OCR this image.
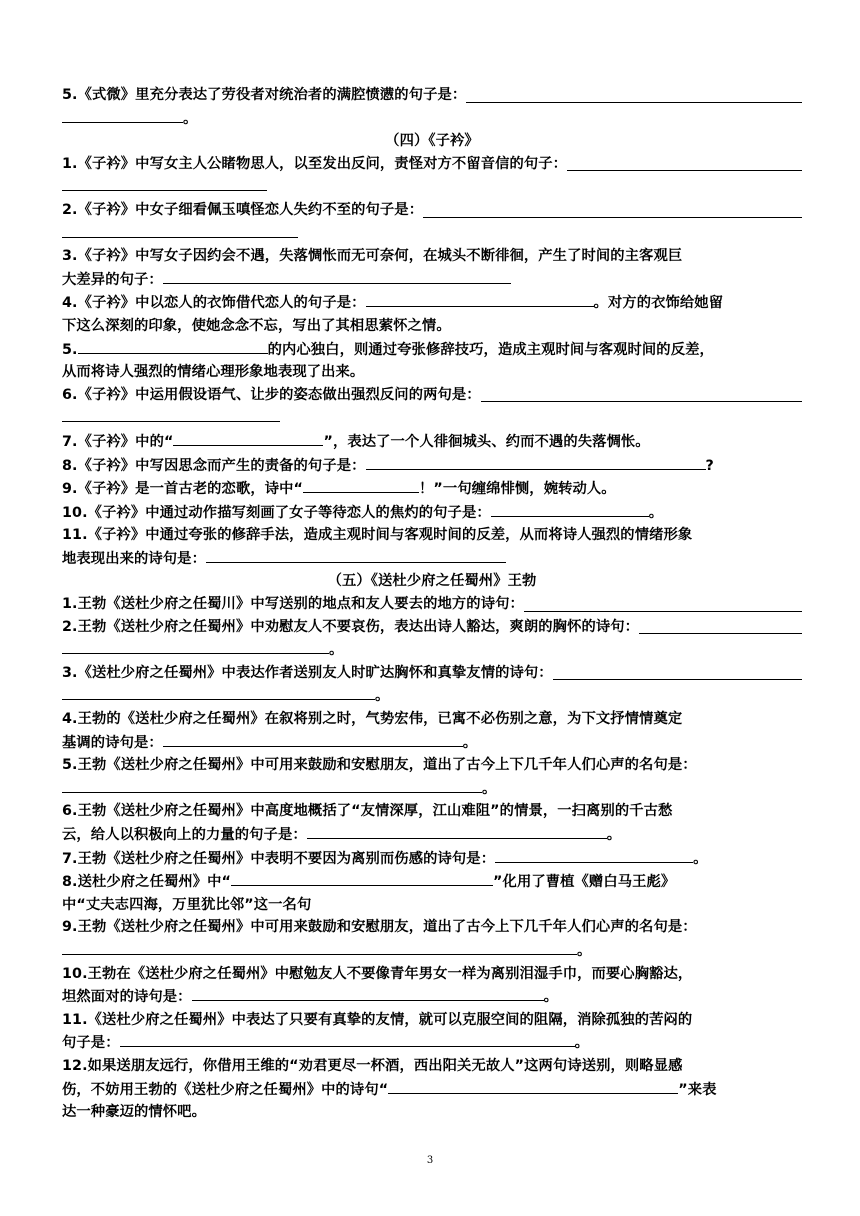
5.《式微》里充分表达了劳役者对统治者的满腔愤懑的句子是：

。

（四）《子衿》

1.《子衿》中写女主人公睹物思人，以至发出反问，责怪对方不留音信的句子：

2.《子衿》中女子细看佩玉嗔怪恋人失约不至的句子是：

3.《子衿》中写女子因约会不遇，失落惆怅而无可奈何，在城头不断徘徊，产生了时间的主客观巨

大差异的句子：

4.《子衿》中以恋人的衣饰借代恋人的句子是：	。对方的衣饰给她留

下这么深刻的印象，使她念念不忘，写出了其相思萦怀之情。

5.	的内心独白，则通过夸张修辞技巧，造成主观时间与客观时间的反差，

从而将诗人强烈的情绪心理形象地表现了出来。

6.《子衿》中运用假设语气、让步的姿态做出强烈反问的两句是：

7.《子衿》中的“	”，表达了一个人徘徊城头、约而不遇的失落惆怅。

8.《子衿》中写因思念而产生的责备的句子是：	?

9.《子衿》是一首古老的恋歌，诗中“	！”一句缠绵悱恻，婉转动人。

10.《子衿》中通过动作描写刻画了女子等待恋人的焦灼的句子是：	。

11.《子衿》中通过夸张的修辞手法，造成主观时间与客观时间的反差，从而将诗人强烈的情绪形象

地表现出来的诗句是：

（五）《送杜少府之任蜀州》王勃

1.王勃《送杜少府之任蜀川》中写送别的地点和友人要去的地方的诗句：

2.王勃《送杜少府之任蜀州》中劝慰友人不要哀伤，表达出诗人豁达，爽朗的胸怀的诗句：

。

3.《送杜少府之任蜀州》中表达作者送别友人时旷达胸怀和真挚友情的诗句：

。

4.王勃的《送杜少府之任蜀州》在叙将别之时，气势宏伟，已寓不必伤别之意，为下文抒情情奠定

基调的诗句是：	。

5.王勃《送杜少府之任蜀州》中可用来鼓励和安慰朋友，道出了古今上下几千年人们心声的名句是：

。

6.王勃《送杜少府之任蜀州》中高度地概括了“友情深厚，江山难阻”的情景，一扫离别的千古愁

云，给人以积极向上的力量的句子是：	。

7.王勃《送杜少府之任蜀州》中表明不要因为离别而伤感的诗句是：	。

8.送杜少府之任蜀州》中“	”化用了曹植《赠白马王彪》

中“丈夫志四海，万里犹比邻”这一名句

9.王勃《送杜少府之任蜀州》中可用来鼓励和安慰朋友，道出了古今上下几千年人们心声的名句是：

。

10.王勃在《送杜少府之任蜀州》中慰勉友人不要像青年男女一样为离别泪湿手巾，而要心胸豁达，

坦然面对的诗句是：	。

11.《送杜少府之任蜀州》中表达了只要有真挚的友情，就可以克服空间的阻隔，消除孤独的苦闷的

句子是：	。

12.如果送朋友远行，你借用王维的“劝君更尽一杯酒，西出阳关无故人”这两句诗送别，则略显感

伤，不妨用王勃的《送杜少府之任蜀州》中的诗句“	”来表

达一种豪迈的情怀吧。

3
